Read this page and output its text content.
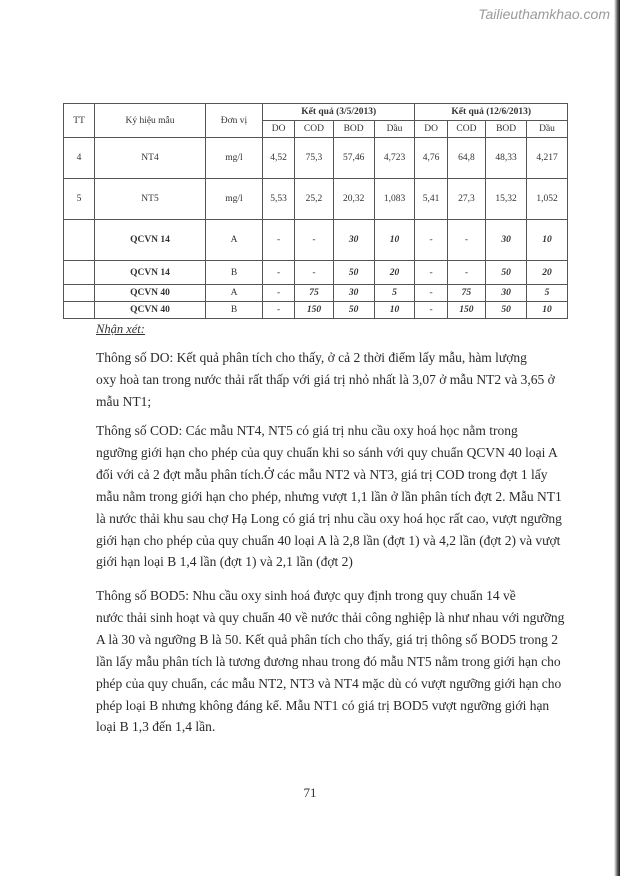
Tailieuthamkhao.com
TT	Ký hiệu mẫu	Đơn vị	Kết quả (3/5/2013)				Kết quả (12/6/2013)			
			DO	COD	BOD	Dầu	DO	COD	BOD	Dầu
4	NT4	mg/l	4,52	75,3	57,46	4,723	4,76	64,8	48,33	4,217
5	NT5	mg/l	5,53	25,2	20,32	1,083	5,41	27,3	15,32	1,052
	QCVN 14	A	-	-	30	10	-	-	30	10
	QCVN 14	B	-	-	50	20	-	-	50	20
	QCVN 40	A	-	75	30	5	-	75	30	5
	QCVN 40	B	-	150	50	10	-	150	50	10
Nhận xét:

Thông số DO: Kết quả phân tích cho thấy, ở cả 2 thời điểm lấy mẫu, hàm lượng
oxy hoà tan trong nước thải rất thấp với giá trị nhỏ nhất là 3,07 ở mẫu NT2 và 3,65 ở
mẫu NT1;

Thông số COD: Các mẫu NT4, NT5 có giá trị nhu cầu oxy hoá học nằm trong
ngưỡng giới hạn cho phép của quy chuẩn khi so sánh với quy chuẩn QCVN 40 loại A
đối với cả 2 đợt mẫu phân tích.Ở các mẫu NT2 và NT3, giá trị COD trong đợt 1 lấy
mẫu nằm trong giới hạn cho phép, nhưng vượt 1,1 lần ở lần phân tích đợt 2. Mẫu NT1
là nước thải khu sau chợ Hạ Long có giá trị nhu cầu oxy hoá học rất cao, vượt ngưỡng
giới hạn cho phép của quy chuẩn 40 loại A là 2,8 lần (đợt 1) và 4,2 lần (đợt 2) và vượt
giới hạn loại B 1,4 lần (đợt 1) và 2,1 lần (đợt 2)

Thông số BOD5: Nhu cầu oxy sinh hoá được quy định trong quy chuẩn 14 về
nước thải sinh hoạt và quy chuẩn 40 về nước thải công nghiệp là như nhau với ngưỡng
A là 30 và ngưỡng B là 50. Kết quả phân tích cho thấy, giá trị thông số BOD5 trong 2
lần lấy mẫu phân tích là tương đương nhau trong đó mẫu NT5 nằm trong giới hạn cho
phép của quy chuẩn, các mẫu NT2, NT3 và NT4 mặc dù có vượt ngưỡng giới hạn cho
phép loại B nhưng không đáng kể. Mẫu NT1 có giá trị BOD5 vượt ngưỡng giới hạn
loại B 1,3 đến 1,4 lần.

71
